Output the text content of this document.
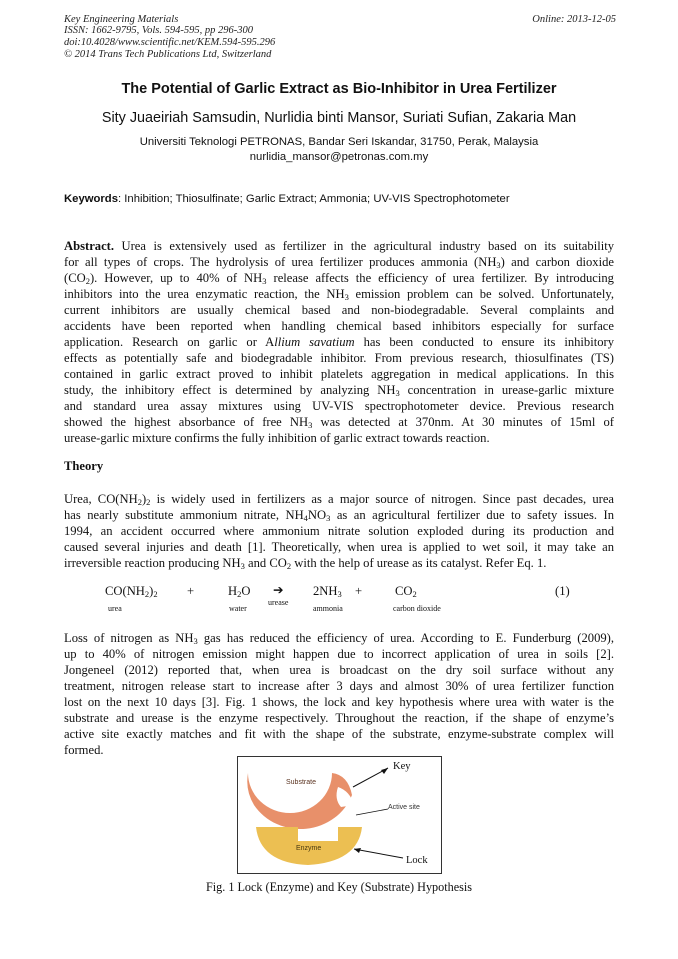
Key Engineering Materials
ISSN: 1662-9795, Vols. 594-595, pp 296-300
doi:10.4028/www.scientific.net/KEM.594-595.296
© 2014 Trans Tech Publications Ltd, Switzerland
Online: 2013-12-05
The Potential of Garlic Extract as Bio-Inhibitor in Urea Fertilizer
Sity Juaeiriah Samsudin, Nurlidia binti Mansor, Suriati Sufian, Zakaria Man
Universiti Teknologi PETRONAS, Bandar Seri Iskandar, 31750, Perak, Malaysia
nurlidia_mansor@petronas.com.my
Keywords: Inhibition; Thiosulfinate; Garlic Extract; Ammonia; UV-VIS Spectrophotometer
Abstract. Urea is extensively used as fertilizer in the agricultural industry based on its suitability
for all types of crops. The hydrolysis of urea fertilizer produces ammonia $(NH_3)$ and carbon dioxide
$(CO_2)$. However, up to 40% of $NH_3$ release affects the efficiency of urea fertilizer. By introducing
inhibitors into the urea enzymatic reaction, the $NH_3$ emission problem can be solved. Unfortunately,
current inhibitors are usually chemical based and non-biodegradable. Several complaints and
accidents have been reported when handling chemical based inhibitors especially for surface
application. Research on garlic or Allium savatium has been conducted to ensure its inhibitory
effects as potentially safe and biodegradable inhibitor. From previous research, thiosulfinates (TS)
contained in garlic extract proved to inhibit platelets aggregation in medical applications. In this
study, the inhibitory effect is determined by analyzing $NH_3$ concentration in urease-garlic mixture
and standard urea assay mixtures using UV-VIS spectrophotometer device. Previous research
showed the highest absorbance of free $NH_3$ was detected at 370nm. At 30 minutes of 15ml of
urease-garlic mixture confirms the fully inhibition of garlic extract towards reaction.
Theory
Urea, $CO(NH_2)_2$ is widely used in fertilizers as a major source of nitrogen. Since past decades, urea
has nearly substitute ammonium nitrate, $NH_4NO_3$ as an agricultural fertilizer due to safety issues. In
1994, an accident occurred where ammonium nitrate solution exploded during its production and
caused several injuries and death [1]. Theoretically, when urea is applied to wet soil, it may take an
irreversible reaction producing $NH_3$ and $CO_2$ with the help of urease as its catalyst. Refer Eq. 1.
$CO(NH_2)_2$ +	$H_2O$ ➔ $2NH_3$ +	$CO_2$	(1)
urea	water
urease
ammonia	carbon dioxide
Loss of nitrogen as $NH_3$ gas has reduced the efficiency of urea. According to E. Funderburg (2009),
up to 40% of nitrogen emission might happen due to incorrect application of urea in soils [2].
Jongeneel (2012) reported that, when urea is broadcast on the dry soil surface without any
treatment, nitrogen release start to increase after 3 days and almost 30% of urea fertilizer function
lost on the next 10 days [3]. Fig. 1 shows, the lock and key hypothesis where urea with water is the
substrate and urease is the enzyme respectively. Throughout the reaction, if the shape of enzyme’s
active site exactly matches and fit with the shape of the substrate, enzyme-substrate complex will
formed.
Substrate
Enzyme
Active site
Key
Lock
Fig. 1 Lock (Enzyme) and Key (Substrate) Hypothesis
